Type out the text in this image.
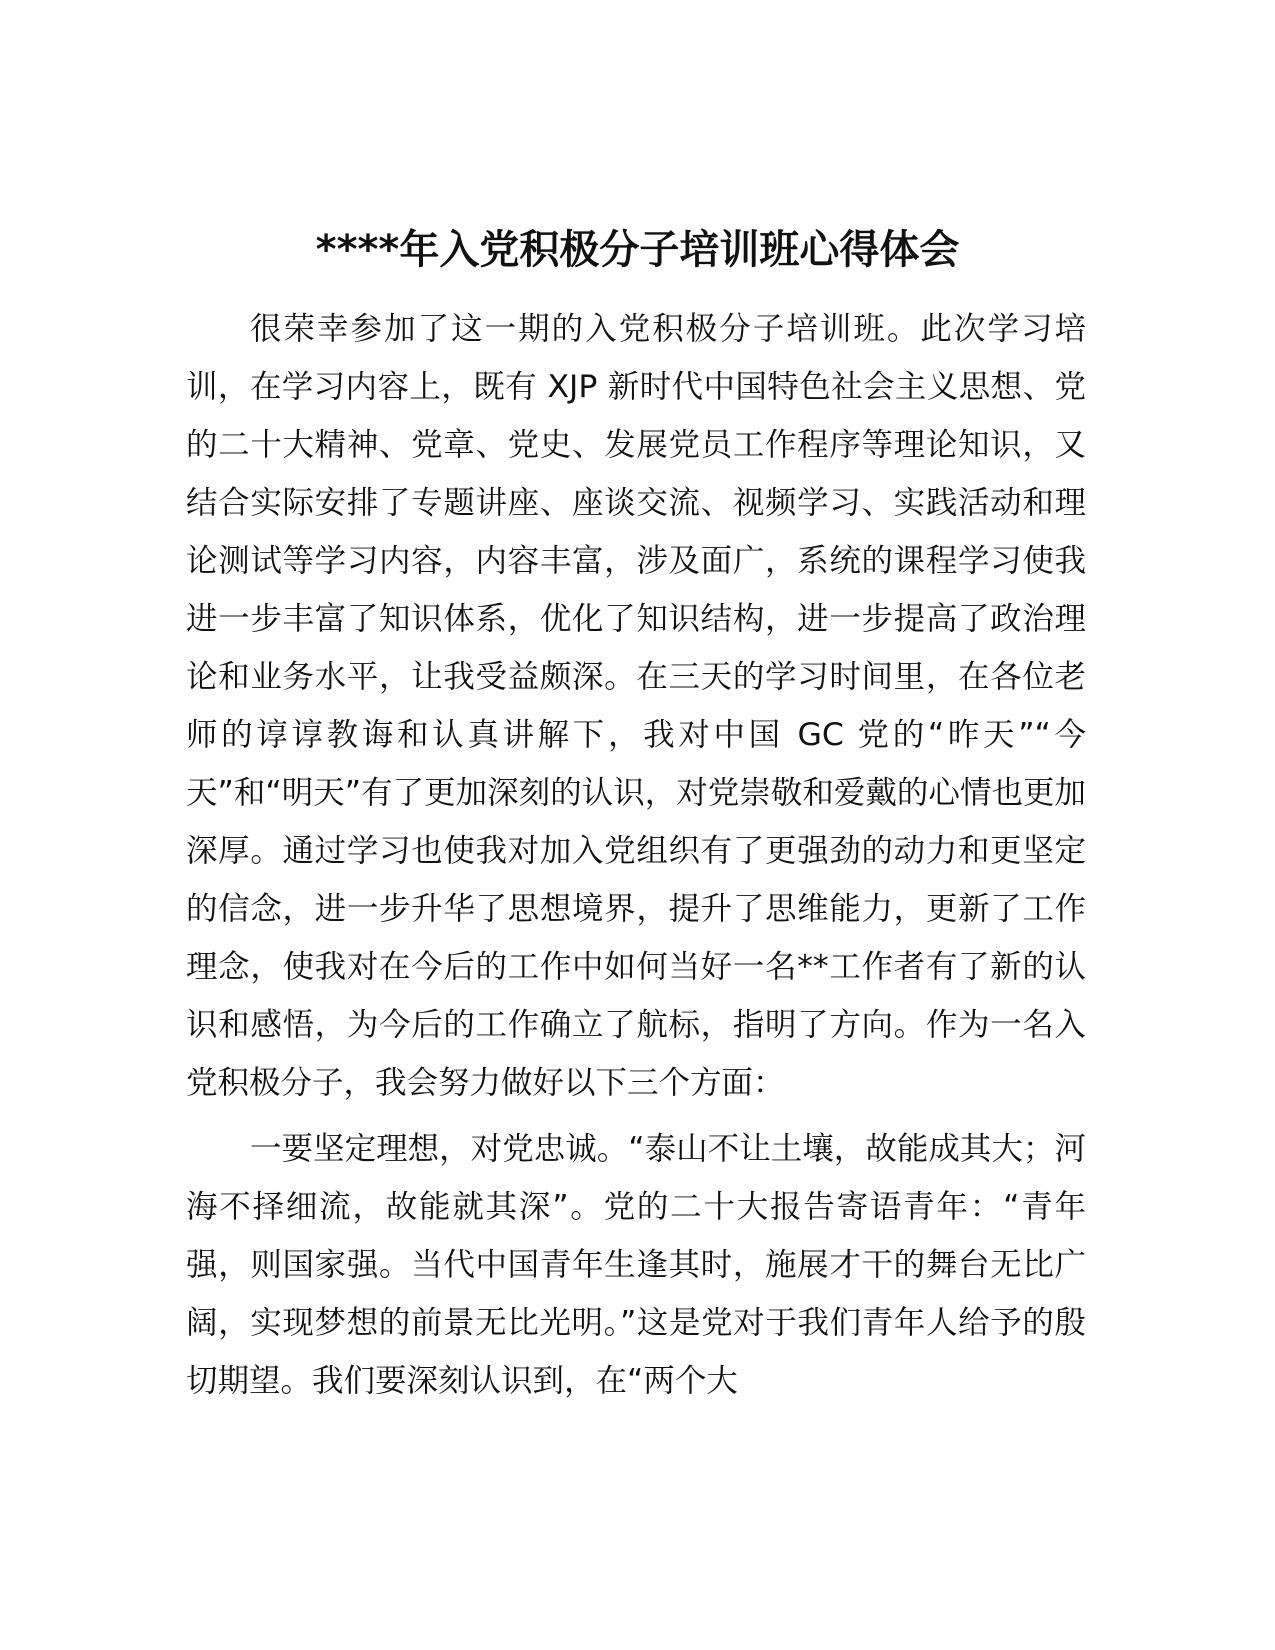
****年入党积极分子培训班心得体会

很荣幸参加了这一期的入党积极分子培训班。此次学习培训，在学习内容上，既有 XJP 新时代中国特色社会主义思想、党的二十大精神、党章、党史、发展党员工作程序等理论知识，又结合实际安排了专题讲座、座谈交流、视频学习、实践活动和理论测试等学习内容，内容丰富，涉及面广，系统的课程学习使我进一步丰富了知识体系，优化了知识结构，进一步提高了政治理论和业务水平，让我受益颇深。在三天的学习时间里，在各位老师的谆谆教诲和认真讲解下，我对中国 GC 党的“昨天”“今天”和“明天”有了更加深刻的认识，对党崇敬和爱戴的心情也更加深厚。通过学习也使我对加入党组织有了更强劲的动力和更坚定的信念，进一步升华了思想境界，提升了思维能力，更新了工作理念，使我对在今后的工作中如何当好一名**工作者有了新的认识和感悟，为今后的工作确立了航标，指明了方向。作为一名入党积极分子，我会努力做好以下三个方面：

一要坚定理想，对党忠诚。“泰山不让土壤，故能成其大；河海不择细流，故能就其深”。党的二十大报告寄语青年：“青年强，则国家强。当代中国青年生逢其时，施展才干的舞台无比广阔，实现梦想的前景无比光明。”这是党对于我们青年人给予的殷切期望。我们要深刻认识到，在“两个大
